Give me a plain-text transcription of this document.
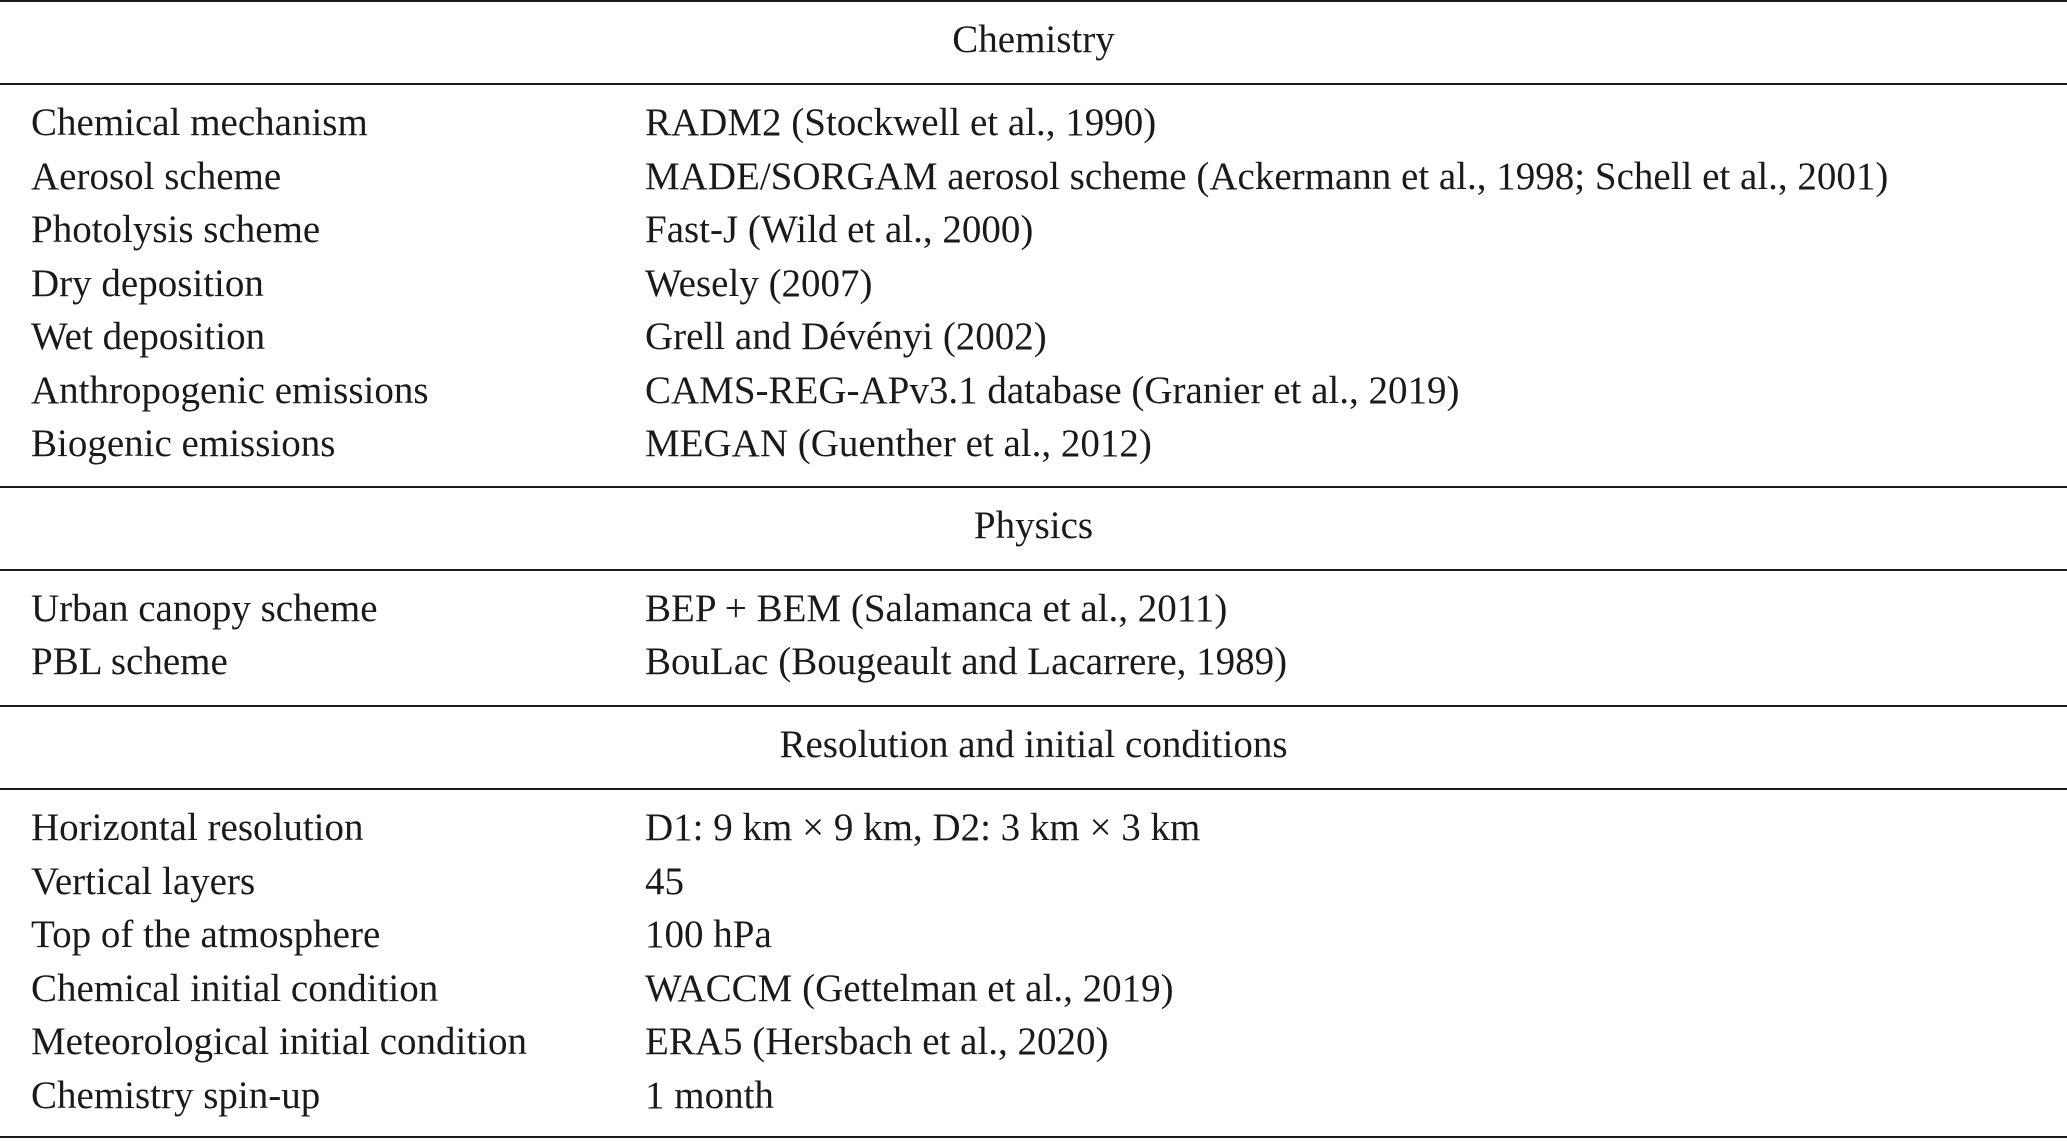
Chemistry
Chemical mechanism	RADM2 (Stockwell et al., 1990)
Aerosol scheme	MADE/SORGAM aerosol scheme (Ackermann et al., 1998; Schell et al., 2001)
Photolysis scheme	Fast-J (Wild et al., 2000)
Dry deposition	Wesely (2007)
Wet deposition	Grell and Dévényi (2002)
Anthropogenic emissions	CAMS-REG-APv3.1 database (Granier et al., 2019)
Biogenic emissions	MEGAN (Guenther et al., 2012)
Physics
Urban canopy scheme	BEP + BEM (Salamanca et al., 2011)
PBL scheme	BouLac (Bougeault and Lacarrere, 1989)
Resolution and initial conditions
Horizontal resolution	D1: 9 km × 9 km, D2: 3 km × 3 km
Vertical layers	45
Top of the atmosphere	100 hPa
Chemical initial condition	WACCM (Gettelman et al., 2019)
Meteorological initial condition	ERA5 (Hersbach et al., 2020)
Chemistry spin-up	1 month
